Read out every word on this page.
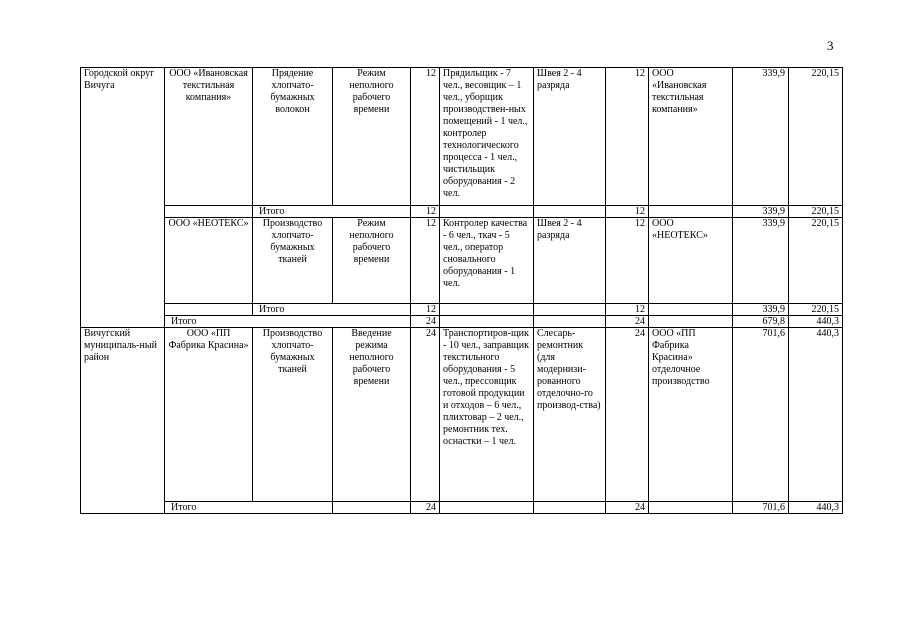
3
Городской округ Вичуга	ООО «Ивановская текстильная компания»	Прядение хлопчато-бумажных волокон	Режим неполного рабочего времени	12	Прядильщик - 7 чел., весовщик – 1 чел., уборщик производствен-ных помещений - 1 чел., контролер технологического процесса - 1 чел., чистильщик оборудования - 2 чел.	Швея 2 - 4 разряда	12	ООО «Ивановская текстильная компания»	339,9	220,15
		Итого		12			12		339,9	220,15
	ООО «НЕОТЕКС»	Производство хлопчато-бумажных тканей	Режим неполного рабочего времени	12	Контролер качества - 6 чел., ткач - 5 чел., оператор сновального оборудования - 1 чел.	Швея 2 - 4 разряда	12	ООО «НЕОТЕКС»	339,9	220,15
		Итого		12			12		339,9	220,15
	Итого			24			24		679,8	440,3
Вичугский муниципаль-ный район	ООО «ПП Фабрика Красина»	Производство хлопчато-бумажных тканей	Введение режима неполного рабочего времени	24	Транспортиров-щик - 10 чел., заправщик текстильного оборудования - 5 чел., прессовщик готовой продукции и отходов – 6 чел., плихтовар – 2 чел., ремонтник тех. оснастки – 1 чел.	Слесарь-ремонтник (для модернизи-рованного отделочно-го производ-ства)	24	ООО «ПП Фабрика Красина» отделочное производство	701,6	440,3
	Итого			24			24		701,6	440,3
